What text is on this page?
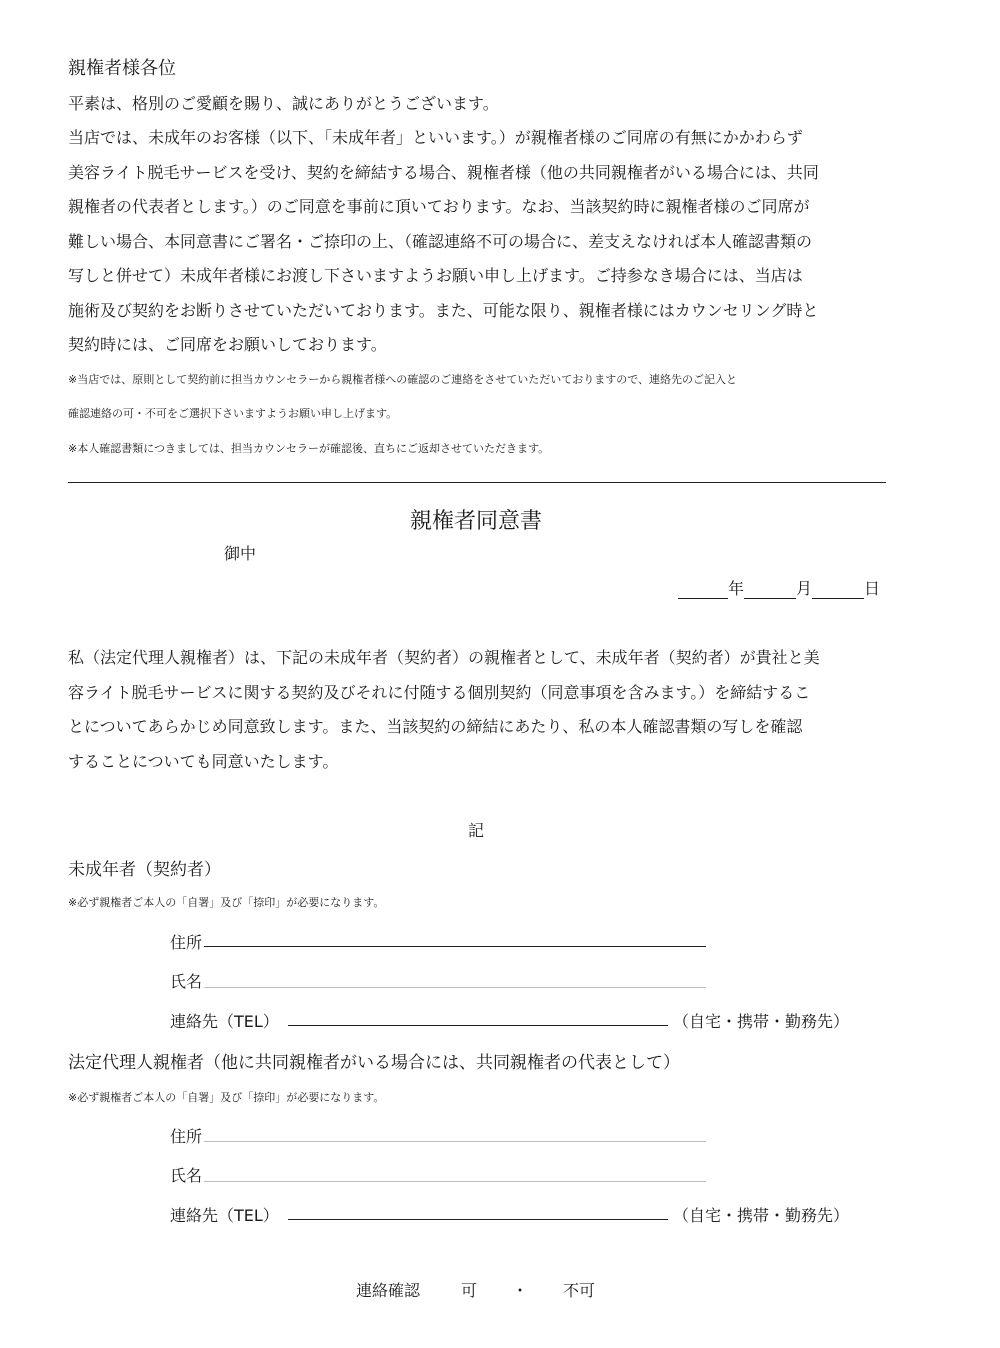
親権者様各位
平素は、格別のご愛顧を賜り、誠にありがとうございます。
当店では、未成年のお客様（以下、「未成年者」といいます。）が親権者様のご同席の有無にかかわらず
美容ライト脱毛サービスを受け、契約を締結する場合、親権者様（他の共同親権者がいる場合には、共同
親権者の代表者とします。）のご同意を事前に頂いております。なお、当該契約時に親権者様のご同席が
難しい場合、本同意書にご署名・ご捺印の上、（確認連絡不可の場合に、差支えなければ本人確認書類の
写しと併せて）未成年者様にお渡し下さいますようお願い申し上げます。ご持参なき場合には、当店は
施術及び契約をお断りさせていただいております。また、可能な限り、親権者様にはカウンセリング時と
契約時には、ご同席をお願いしております。
※当店では、原則として契約前に担当カウンセラーから親権者様への確認のご連絡をさせていただいておりますので、連絡先のご記入と
確認連絡の可・不可をご選択下さいますようお願い申し上げます。
※本人確認書類につきましては、担当カウンセラーが確認後、直ちにご返却させていただきます。
親権者同意書
御中
年	月	日
私（法定代理人親権者）は、下記の未成年者（契約者）の親権者として、未成年者（契約者）が貴社と美
容ライト脱毛サービスに関する契約及びそれに付随する個別契約（同意事項を含みます。）を締結するこ
とについてあらかじめ同意致します。また、当該契約の締結にあたり、私の本人確認書類の写しを確認
することについても同意いたします。
記
未成年者（契約者）
※必ず親権者ご本人の「自署」及び「捺印」が必要になります。
住所
氏名
連絡先（TEL）	（自宅・携帯・勤務先）
法定代理人親権者（他に共同親権者がいる場合には、共同親権者の代表として）
※必ず親権者ご本人の「自署」及び「捺印」が必要になります。
住所
氏名
連絡先（TEL）	（自宅・携帯・勤務先）
連絡確認	可 ・ 不可
